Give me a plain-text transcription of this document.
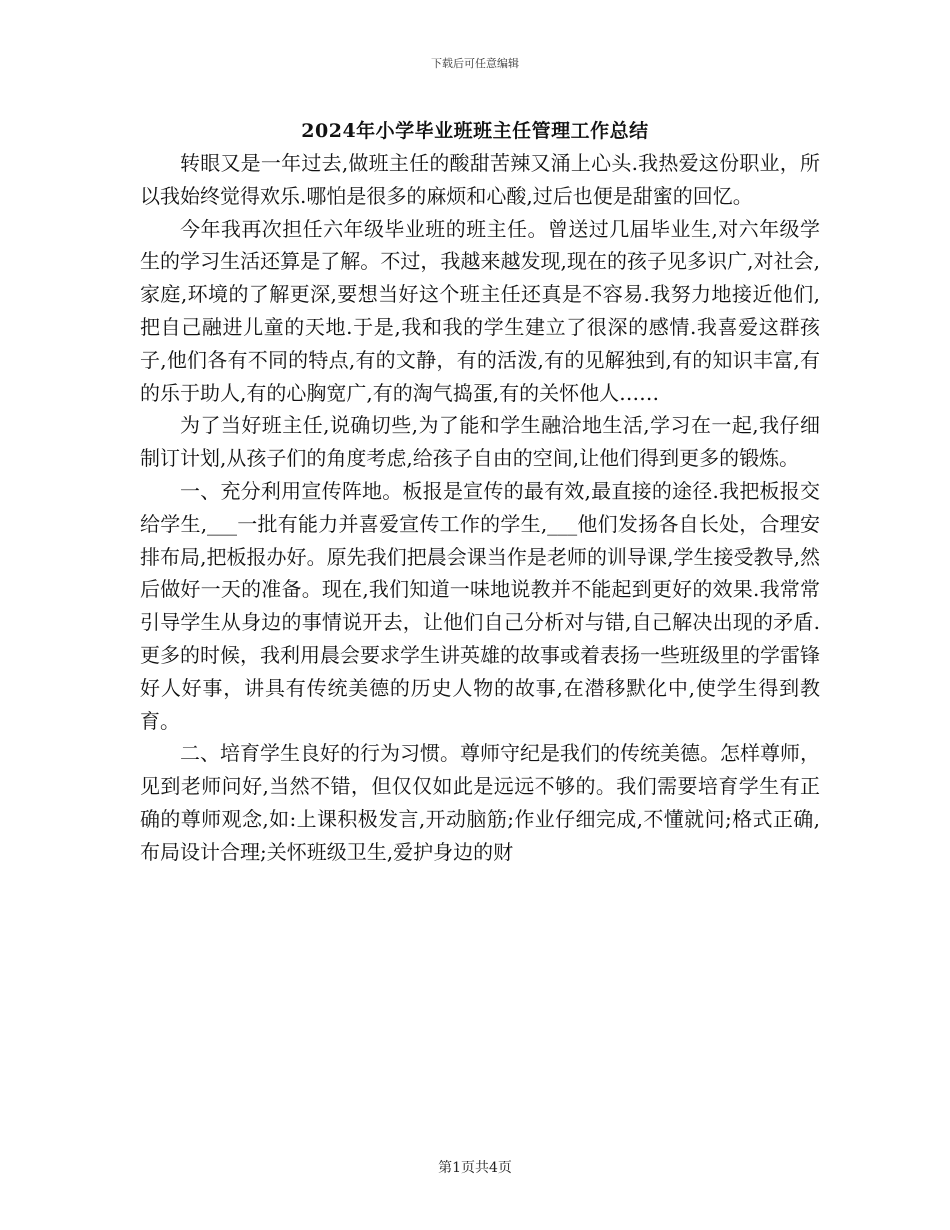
下载后可任意编辑
2024年小学毕业班班主任管理工作总结

转眼又是一年过去,做班主任的酸甜苦辣又涌上心头.我热爱这份职业，所以我始终觉得欢乐.哪怕是很多的麻烦和心酸,过后也便是甜蜜的回忆。

今年我再次担任六年级毕业班的班主任。曾送过几届毕业生,对六年级学生的学习生活还算是了解。不过，我越来越发现,现在的孩子见多识广,对社会,家庭,环境的了解更深,要想当好这个班主任还真是不容易.我努力地接近他们,把自己融进儿童的天地.于是,我和我的学生建立了很深的感情.我喜爱这群孩子,他们各有不同的特点,有的文静，有的活泼,有的见解独到,有的知识丰富,有的乐于助人,有的心胸宽广,有的淘气捣蛋,有的关怀他人……

为了当好班主任,说确切些,为了能和学生融洽地生活,学习在一起,我仔细制订计划,从孩子们的角度考虑,给孩子自由的空间,让他们得到更多的锻炼。

一、充分利用宣传阵地。板报是宣传的最有效,最直接的途径.我把板报交给学生,___一批有能力并喜爱宣传工作的学生,___他们发扬各自长处，合理安排布局,把板报办好。原先我们把晨会课当作是老师的训导课,学生接受教导,然后做好一天的准备。现在,我们知道一味地说教并不能起到更好的效果.我常常引导学生从身边的事情说开去，让他们自己分析对与错,自己解决出现的矛盾.更多的时候，我利用晨会要求学生讲英雄的故事或着表扬一些班级里的学雷锋好人好事，讲具有传统美德的历史人物的故事,在潜移默化中,使学生得到教育。

二、培育学生良好的行为习惯。尊师守纪是我们的传统美德。怎样尊师，见到老师问好,当然不错，但仅仅如此是远远不够的。我们需要培育学生有正确的尊师观念,如:上课积极发言,开动脑筋;作业仔细完成,不懂就问;格式正确,布局设计合理;关怀班级卫生,爱护身边的财

第1页共4页
